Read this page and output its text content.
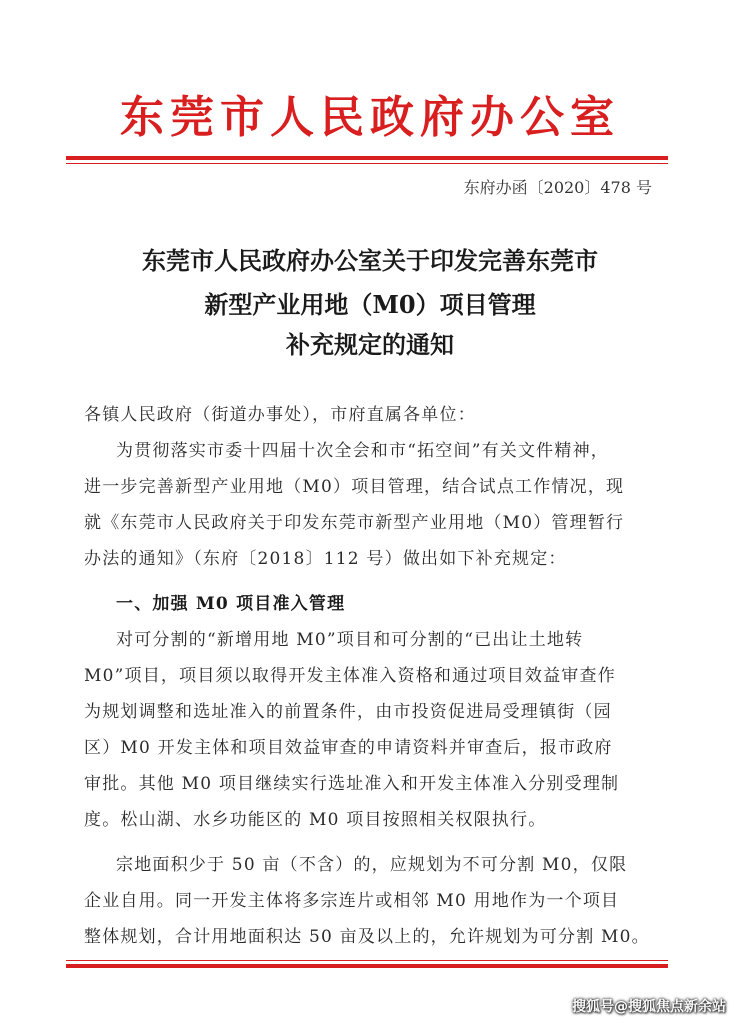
东莞市人民政府办公室
东府办函〔2020〕478 号
东莞市人民政府办公室关于印发完善东莞市
新型产业用地（M0）项目管理
补充规定的通知
各镇人民政府（街道办事处），市府直属各单位：
为贯彻落实市委十四届十次全会和市“拓空间”有关文件精神，
进一步完善新型产业用地（M0）项目管理，结合试点工作情况，现
就《东莞市人民政府关于印发东莞市新型产业用地（M0）管理暂行
办法的通知》（东府〔2018〕112 号）做出如下补充规定：
一、加强 M0 项目准入管理
对可分割的“新增用地 M0”项目和可分割的“已出让土地转
M0”项目，项目须以取得开发主体准入资格和通过项目效益审查作
为规划调整和选址准入的前置条件，由市投资促进局受理镇街（园
区）M0 开发主体和项目效益审查的申请资料并审查后，报市政府
审批。其他 M0 项目继续实行选址准入和开发主体准入分别受理制
度。松山湖、水乡功能区的 M0 项目按照相关权限执行。
宗地面积少于 50 亩（不含）的，应规划为不可分割 M0，仅限
企业自用。同一开发主体将多宗连片或相邻 M0 用地作为一个项目
整体规划，合计用地面积达 50 亩及以上的，允许规划为可分割 M0。
搜狐号@搜狐焦点新余站
